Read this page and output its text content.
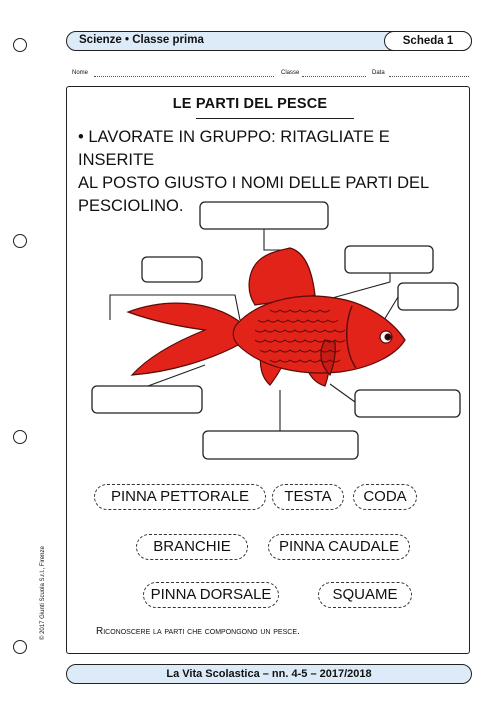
Scienze • Classe prima	Scheda 1
Nome	Classe	Data
LE PARTI DEL PESCE
• LAVORATE IN GRUPPO: RITAGLIATE E INSERITE
AL POSTO GIUSTO I NOMI DELLE PARTI DEL
PESCIOLINO.
PINNA PETTORALE	TESTA	CODA
BRANCHIE	PINNA CAUDALE
PINNA DORSALE	SQUAME
Riconoscere la parti che compongono un pesce.
La Vita Scolastica – nn. 4-5 – 2017/2018
© 2017 Giunti Scuola S.r.l., Firenze
